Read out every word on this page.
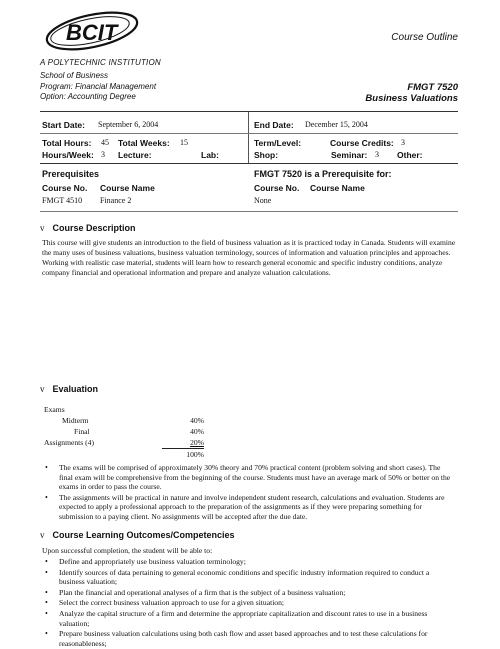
BCIT
A POLYTECHNIC INSTITUTION
Course Outline
School of Business
Program: Financial Management
Option: Accounting Degree
FMGT 7520
Business Valuations
Start Date: September 6, 2004	End Date: December 15, 2004
Total Hours: 45 Total Weeks: 15	Term/Level:	Course Credits: 3
Hours/Week: 3 Lecture:	Lab:	Shop:	Seminar: 3 Other:
Prerequisites	FMGT 7520 is a Prerequisite for:
Course No. Course Name	Course No. Course Name
FMGT 4510 Finance 2	None
v Course Description
This course will give students an introduction to the field of business valuation as it is practiced today in Canada. Students will examine the many uses of business valuations, business valuation terminology, sources of information and valuation principles and approaches. Working with realistic case material, students will learn how to research general economic and specific industry conditions, analyze company financial and operational information and prepare and analyze valuation calculations.
v Evaluation
Exams
Midterm	40%
Final	40%
Assignments (4)	20%
100%
• The exams will be comprised of approximately 30% theory and 70% practical content (problem solving and short cases). The final exam will be comprehensive from the beginning of the course. Students must have an average mark of 50% or better on the exams in order to pass the course.
• The assignments will be practical in nature and involve independent student research, calculations and evaluation. Students are expected to apply a professional approach to the preparation of the assignments as if they were preparing something for submission to a paying client. No assignments will be accepted after the due date.
v Course Learning Outcomes/Competencies
Upon successful completion, the student will be able to:
• Define and appropriately use business valuation terminology;
• Identify sources of data pertaining to general economic conditions and specific industry information required to conduct a business valuation;
• Plan the financial and operational analyses of a firm that is the subject of a business valuation;
• Select the correct business valuation approach to use for a given situation;
• Analyze the capital structure of a firm and determine the appropriate capitalization and discount rates to use in a business valuation;
• Prepare business valuation calculations using both cash flow and asset based approaches and to test these calculations for reasonableness;
